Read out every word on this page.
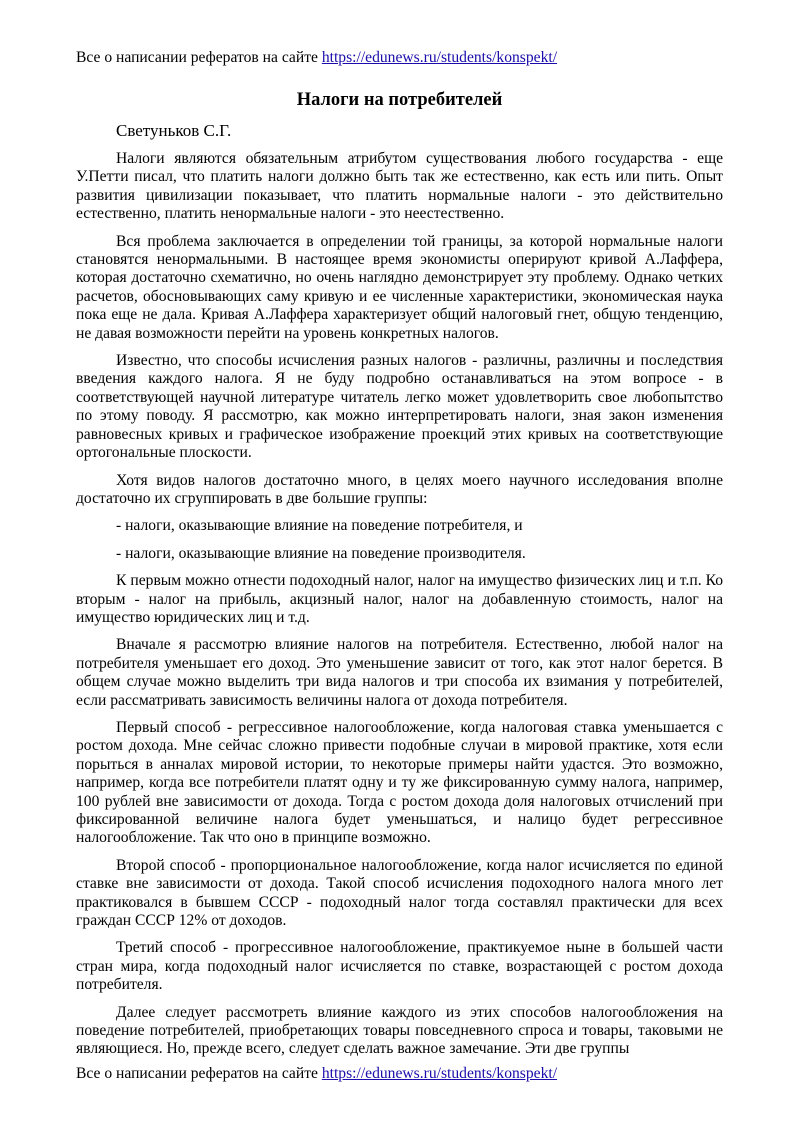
Все о написании рефератов на сайте https://edunews.ru/students/konspekt/
Налоги на потребителей
Светуньков С.Г.

Налоги являются обязательным атрибутом существования любого государства - еще У.Петти писал, что платить налоги должно быть так же естественно, как есть или пить. Опыт развития цивилизации показывает, что платить нормальные налоги - это действительно естественно, платить ненормальные налоги - это неестественно.

Вся проблема заключается в определении той границы, за которой нормальные налоги становятся ненормальными. В настоящее время экономисты оперируют кривой А.Лаффера, которая достаточно схематично, но очень наглядно демонстрирует эту проблему. Однако четких расчетов, обосновывающих саму кривую и ее численные характеристики, экономическая наука пока еще не дала. Кривая А.Лаффера характеризует общий налоговый гнет, общую тенденцию, не давая возможности перейти на уровень конкретных налогов.

Известно, что способы исчисления разных налогов - различны, различны и последствия введения каждого налога. Я не буду подробно останавливаться на этом вопросе - в соответствующей научной литературе читатель легко может удовлетворить свое любопытство по этому поводу. Я рассмотрю, как можно интерпретировать налоги, зная закон изменения равновесных кривых и графическое изображение проекций этих кривых на соответствующие ортогональные плоскости.

Хотя видов налогов достаточно много, в целях моего научного исследования вполне достаточно их сгруппировать в две большие группы:

- налоги, оказывающие влияние на поведение потребителя, и

- налоги, оказывающие влияние на поведение производителя.

К первым можно отнести подоходный налог, налог на имущество физических лиц и т.п. Ко вторым - налог на прибыль, акцизный налог, налог на добавленную стоимость, налог на имущество юридических лиц и т.д.

Вначале я рассмотрю влияние налогов на потребителя. Естественно, любой налог на потребителя уменьшает его доход. Это уменьшение зависит от того, как этот налог берется. В общем случае можно выделить три вида налогов и три способа их взимания у потребителей, если рассматривать зависимость величины налога от дохода потребителя.

Первый способ - регрессивное налогообложение, когда налоговая ставка уменьшается с ростом дохода. Мне сейчас сложно привести подобные случаи в мировой практике, хотя если порыться в анналах мировой истории, то некоторые примеры найти удастся. Это возможно, например, когда все потребители платят одну и ту же фиксированную сумму налога, например, 100 рублей вне зависимости от дохода. Тогда с ростом дохода доля налоговых отчислений при фиксированной величине налога будет уменьшаться, и налицо будет регрессивное налогообложение. Так что оно в принципе возможно.

Второй способ - пропорциональное налогообложение, когда налог исчисляется по единой ставке вне зависимости от дохода. Такой способ исчисления подоходного налога много лет практиковался в бывшем СССР - подоходный налог тогда составлял практически для всех граждан СССР 12% от доходов.

Третий способ - прогрессивное налогообложение, практикуемое ныне в большей части стран мира, когда подоходный налог исчисляется по ставке, возрастающей с ростом дохода потребителя.

Далее следует рассмотреть влияние каждого из этих способов налогообложения на поведение потребителей, приобретающих товары повседневного спроса и товары, таковыми не являющиеся. Но, прежде всего, следует сделать важное замечание. Эти две группы

Все о написании рефератов на сайте https://edunews.ru/students/konspekt/
